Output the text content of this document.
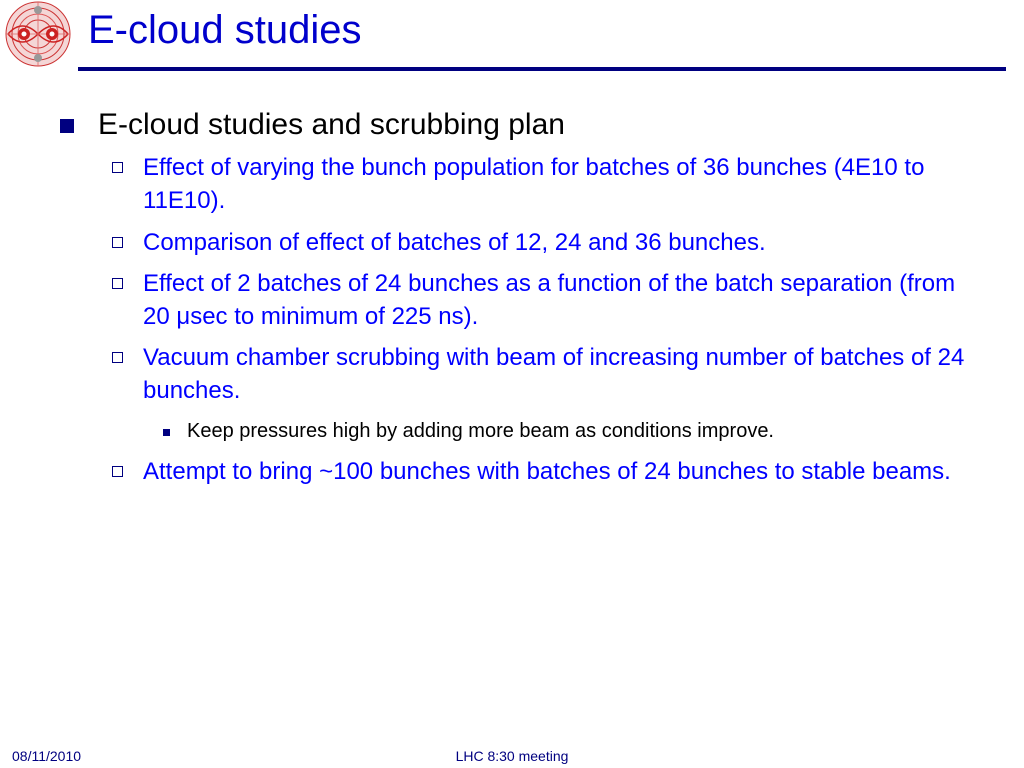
E-cloud studies
E-cloud studies and scrubbing plan
Effect of varying the bunch population for batches of 36 bunches (4E10 to 11E10).
Comparison of effect of batches of 12, 24 and 36 bunches.
Effect of 2 batches of 24 bunches as a function of the batch separation (from 20 μsec to minimum of 225 ns).
Vacuum chamber scrubbing with beam of increasing number of batches of 24 bunches.
Keep pressures high by adding more beam as conditions improve.
Attempt to bring ~100 bunches with batches of 24 bunches to stable beams.
08/11/2010	LHC 8:30 meeting
